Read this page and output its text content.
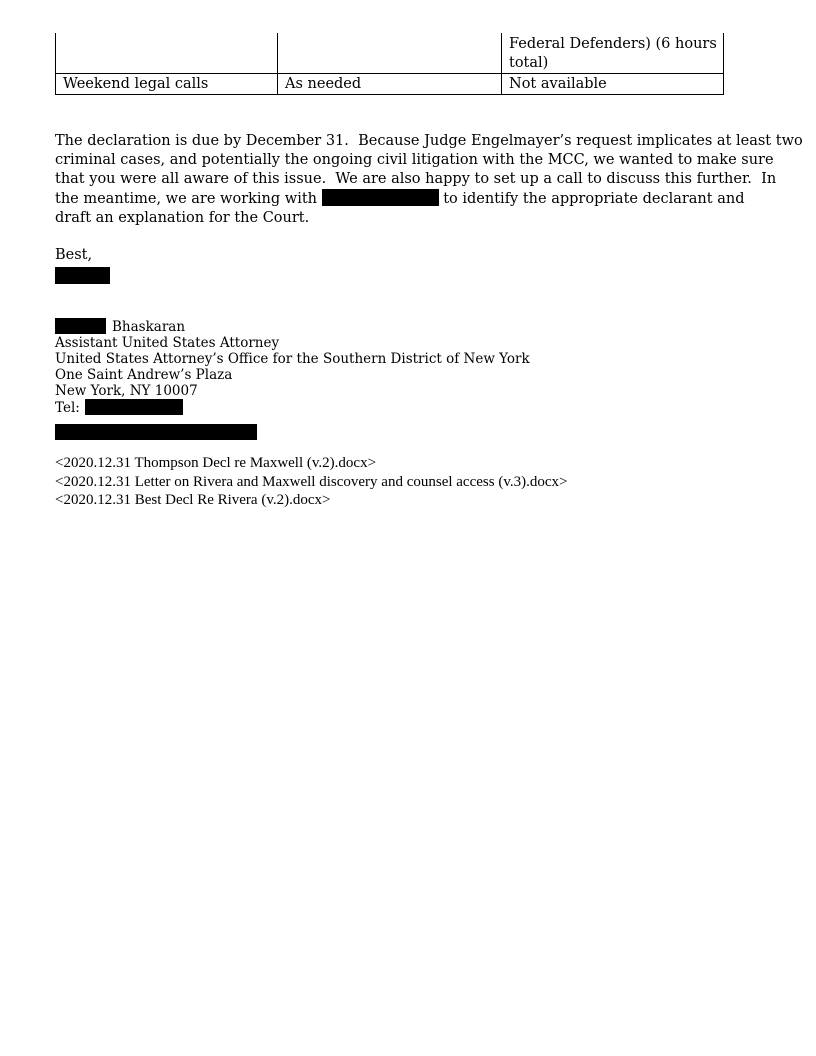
		Federal Defenders) (6 hours total)
Weekend legal calls	As needed	Not available
The declaration is due by December 31.  Because Judge Engelmayer’s request implicates at least two
criminal cases, and potentially the ongoing civil litigation with the MCC, we wanted to make sure
that you were all aware of this issue.  We are also happy to set up a call to discuss this further.  In
the meantime, we are working with	to identify the appropriate declarant and
draft an explanation for the Court.
Best,
Bhaskaran
Assistant United States Attorney
United States Attorney’s Office for the Southern District of New York
One Saint Andrew’s Plaza
New York, NY 10007
Tel:
<2020.12.31 Thompson Decl re Maxwell (v.2).docx>
<2020.12.31 Letter on Rivera and Maxwell discovery and counsel access (v.3).docx>
<2020.12.31 Best Decl Re Rivera (v.2).docx>
